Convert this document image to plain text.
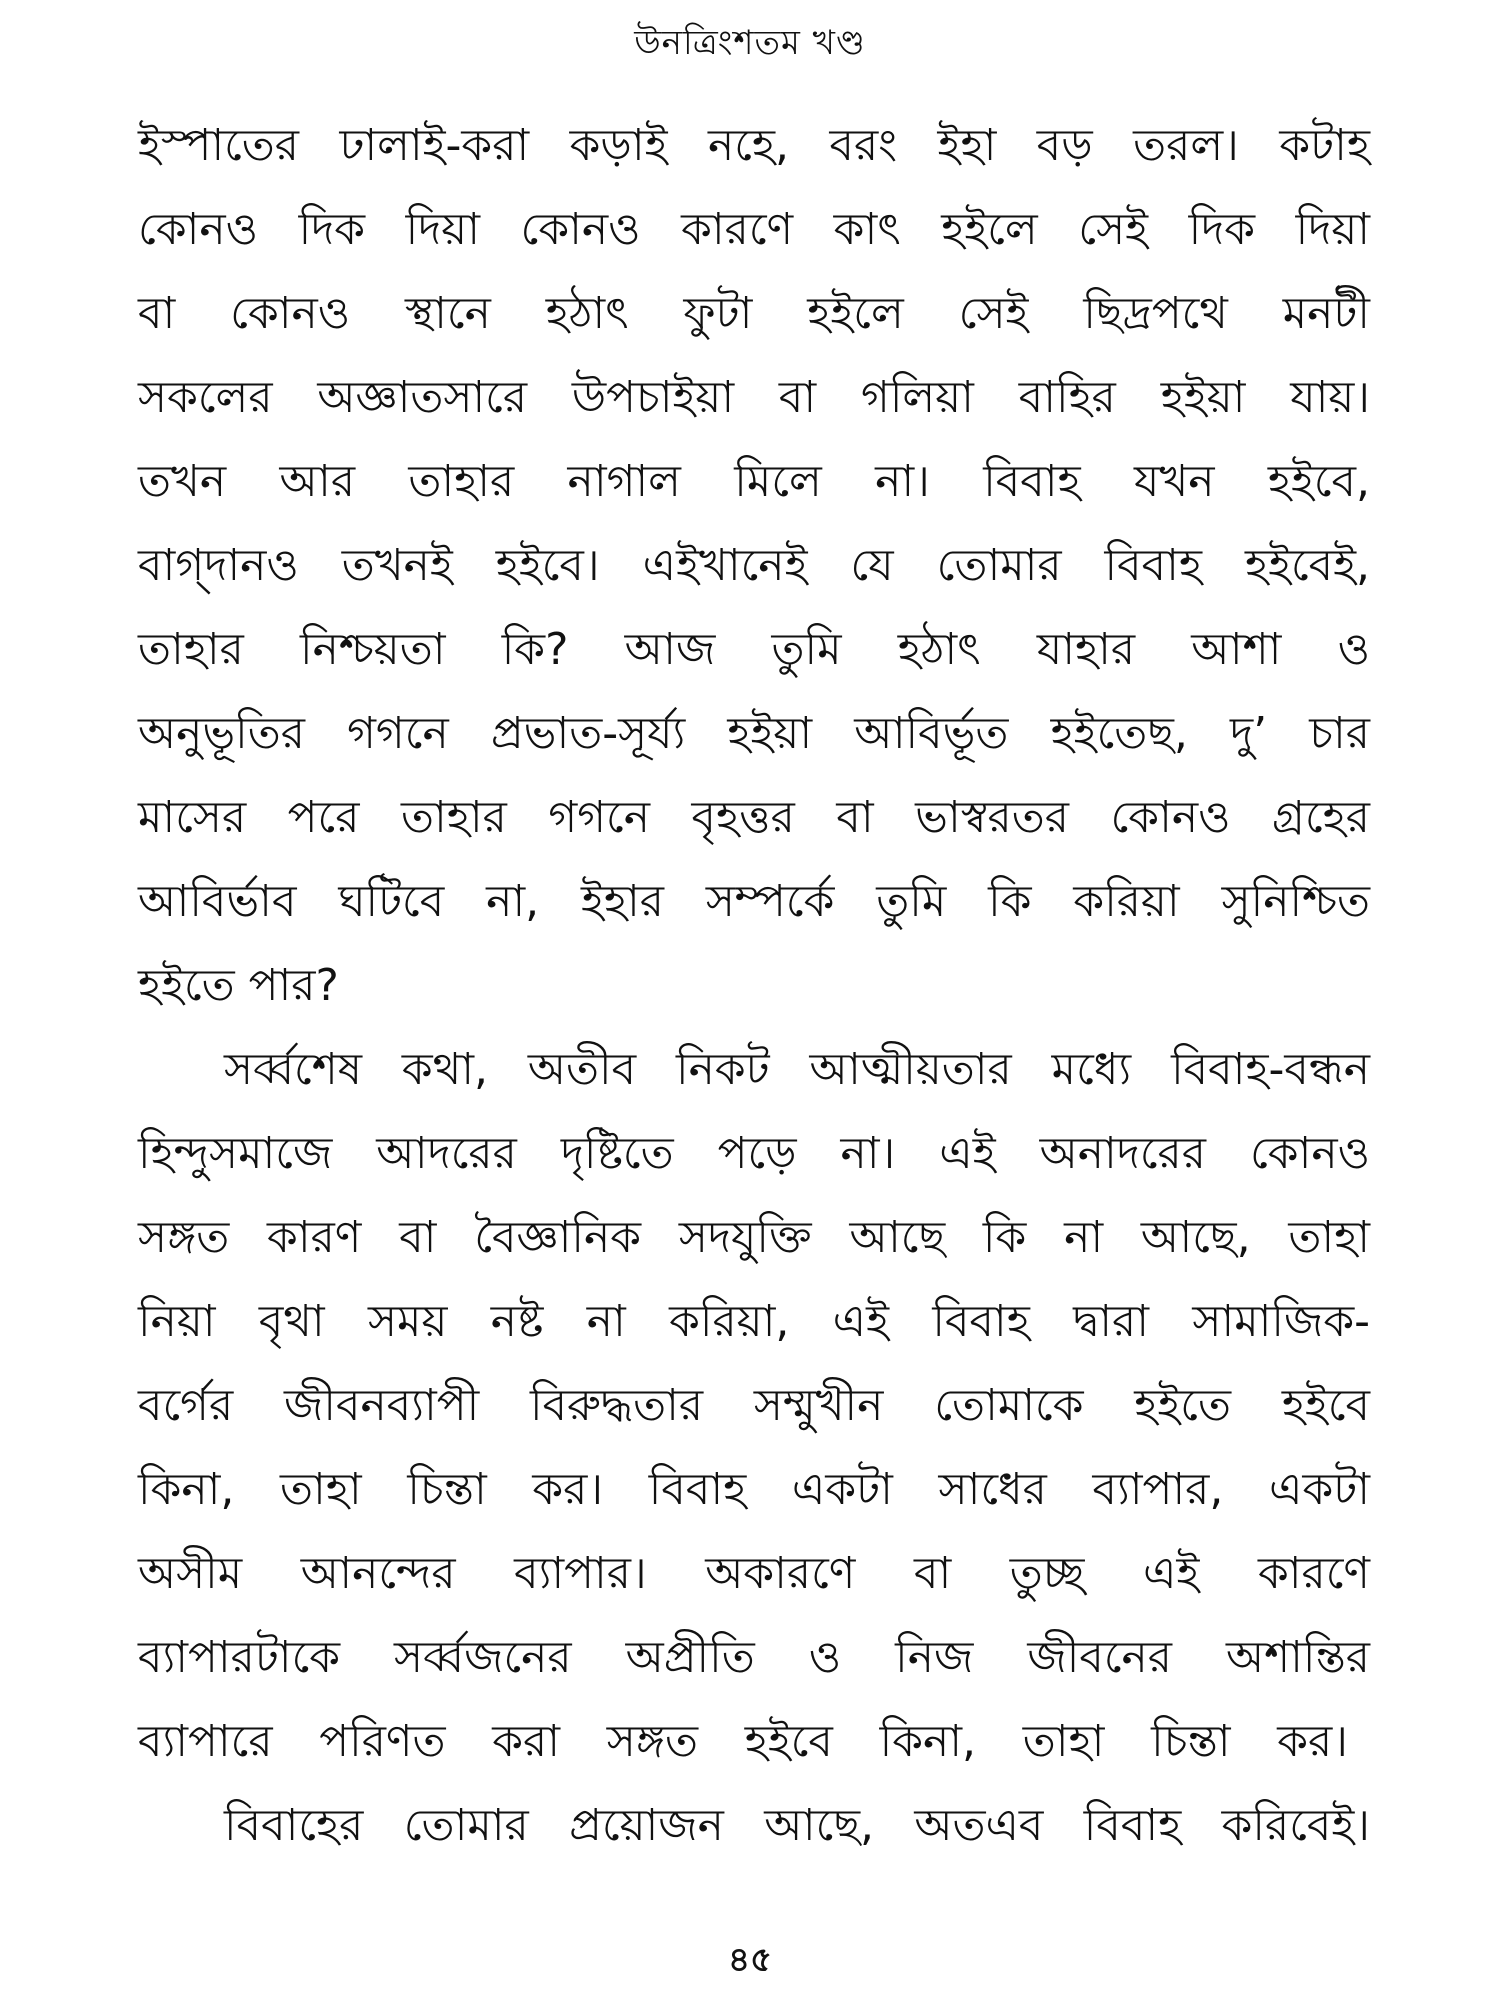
উনত্রিংশতম খণ্ড
ইস্পাতের ঢালাই-করা কড়াই নহে, বরং ইহা বড় তরল। কটাহ
কোনও দিক দিয়া কোনও কারণে কাৎ হইলে সেই দিক দিয়া
বা কোনও স্থানে হঠাৎ ফুটা হইলে সেই ছিদ্রপথে মনটী
সকলের অজ্ঞাতসারে উপচাইয়া বা গলিয়া বাহির হইয়া যায়।
তখন আর তাহার নাগাল মিলে না। বিবাহ যখন হইবে,
বাগ্‌দানও তখনই হইবে। এইখানেই যে তোমার বিবাহ হইবেই,
তাহার নিশ্চয়তা কি? আজ তুমি হঠাৎ যাহার আশা ও
অনুভূতির গগনে প্রভাত-সূর্য্য হইয়া আবির্ভূত হইতেছ, দু’ চার
মাসের পরে তাহার গগনে বৃহত্তর বা ভাস্বরতর কোনও গ্রহের
আবির্ভাব ঘটিবে না, ইহার সম্পর্কে তুমি কি করিয়া সুনিশ্চিত
হইতে পার?
সর্ব্বশেষ কথা, অতীব নিকট আত্মীয়তার মধ্যে বিবাহ-বন্ধন
হিন্দুসমাজে আদরের দৃষ্টিতে পড়ে না। এই অনাদরের কোনও
সঙ্গত কারণ বা বৈজ্ঞানিক সদযুক্তি আছে কি না আছে, তাহা
নিয়া বৃথা সময় নষ্ট না করিয়া, এই বিবাহ দ্বারা সামাজিক-
বর্গের জীবনব্যাপী বিরুদ্ধতার সম্মুখীন তোমাকে হইতে হইবে
কিনা, তাহা চিন্তা কর। বিবাহ একটা সাধের ব্যাপার, একটা
অসীম আনন্দের ব্যাপার। অকারণে বা তুচ্ছ এই কারণে
ব্যাপারটাকে সর্ব্বজনের অপ্রীতি ও নিজ জীবনের অশান্তির
ব্যাপারে পরিণত করা সঙ্গত হইবে কিনা, তাহা চিন্তা কর।
বিবাহের তোমার প্রয়োজন আছে, অতএব বিবাহ করিবেই।
৪৫
